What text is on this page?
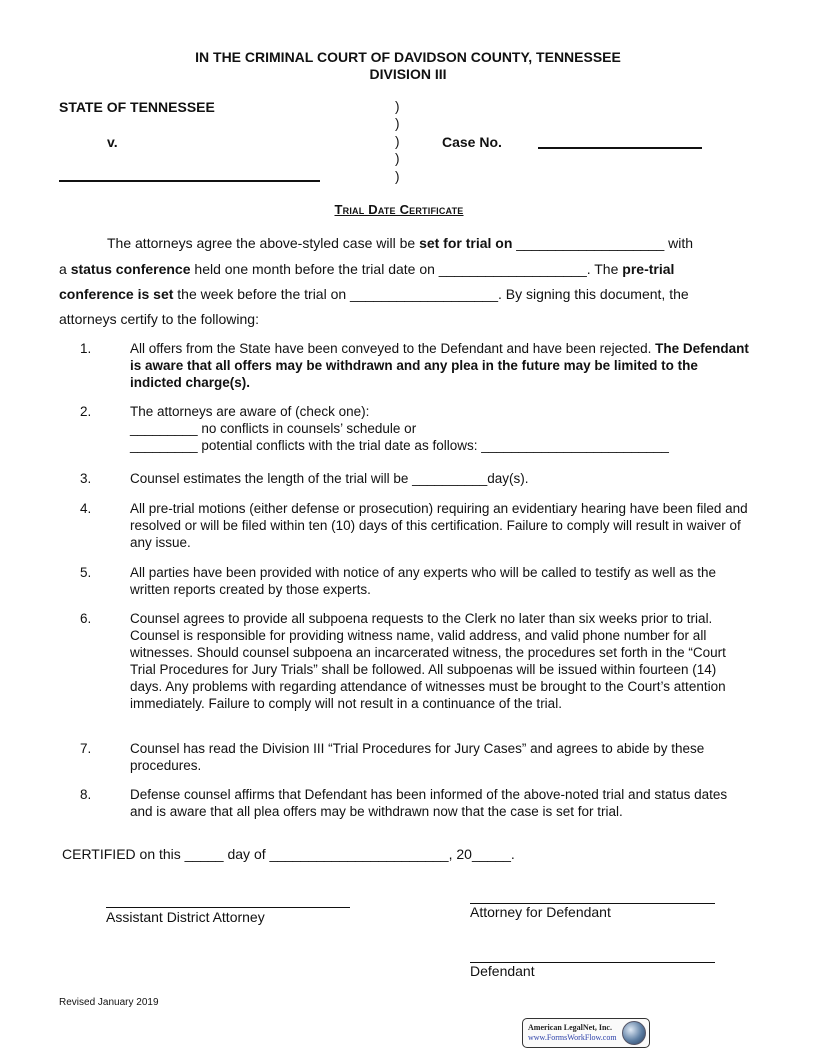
IN THE CRIMINAL COURT OF DAVIDSON COUNTY, TENNESSEE
DIVISION III
STATE OF TENNESSEE
v.
)
)
)
)
)
Case No.
Trial Date Certificate
The attorneys agree the above-styled case will be set for trial on ___________________ with
a status conference held one month before the trial date on ___________________. The pre-trial
conference is set the week before the trial on ___________________. By signing this document, the
attorneys certify to the following:
1.	All offers from the State have been conveyed to the Defendant and have been rejected. The Defendant is aware that all offers may be withdrawn and any plea in the future may be limited to the indicted charge(s).
2.	The attorneys are aware of (check one):
_________ no conflicts in counsels’ schedule or
_________ potential conflicts with the trial date as follows: _________________________
3.	Counsel estimates the length of the trial will be __________day(s).
4.	All pre-trial motions (either defense or prosecution) requiring an evidentiary hearing have been filed and resolved or will be filed within ten (10) days of this certification. Failure to comply will result in waiver of any issue.
5.	All parties have been provided with notice of any experts who will be called to testify as well as the written reports created by those experts.
6.	Counsel agrees to provide all subpoena requests to the Clerk no later than six weeks prior to trial. Counsel is responsible for providing witness name, valid address, and valid phone number for all witnesses. Should counsel subpoena an incarcerated witness, the procedures set forth in the “Court Trial Procedures for Jury Trials” shall be followed. All subpoenas will be issued within fourteen (14) days. Any problems with regarding attendance of witnesses must be brought to the Court’s attention immediately. Failure to comply will not result in a continuance of the trial.
7.	Counsel has read the Division III “Trial Procedures for Jury Cases” and agrees to abide by these procedures.
8.	Defense counsel affirms that Defendant has been informed of the above-noted trial and status dates and is aware that all plea offers may be withdrawn now that the case is set for trial.
CERTIFIED on this _____ day of _______________________, 20_____.
Assistant District Attorney	Attorney for Defendant
Defendant
Revised January 2019
American LegalNet, Inc.
www.FormsWorkFlow.com
